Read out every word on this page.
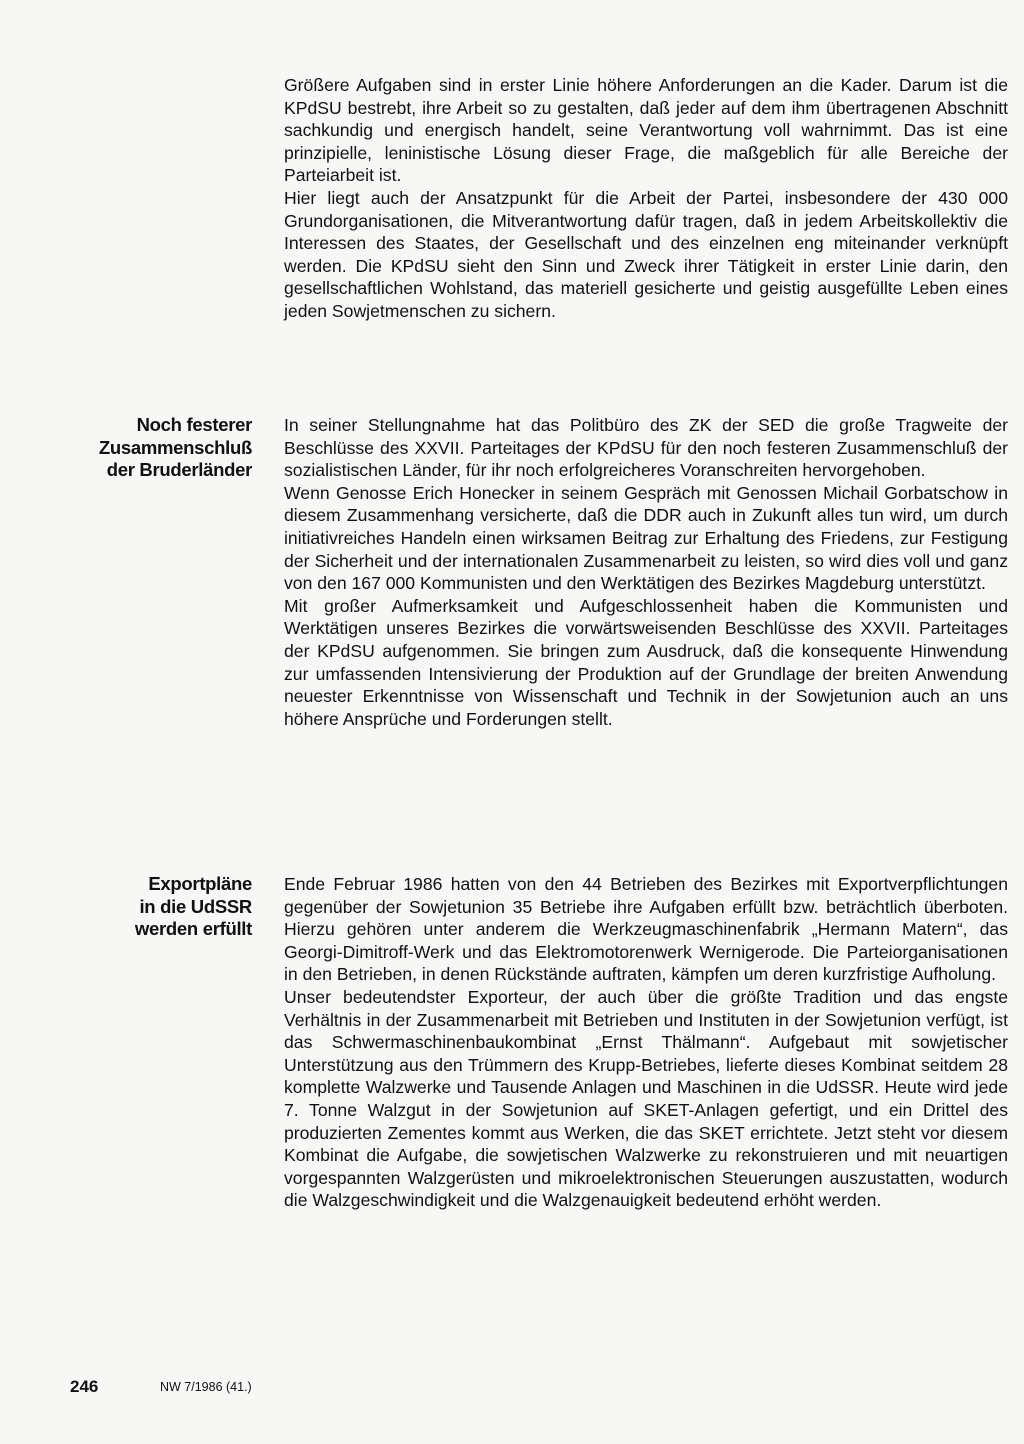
Größere Aufgaben sind in erster Linie höhere Anforderungen an die Kader. Darum ist die KPdSU bestrebt, ihre Arbeit so zu gestalten, daß jeder auf dem ihm übertragenen Abschnitt sachkundig und energisch handelt, seine Verantwortung voll wahrnimmt. Das ist eine prinzipielle, leninistische Lösung dieser Frage, die maßgeblich für alle Bereiche der Parteiarbeit ist.

Hier liegt auch der Ansatzpunkt für die Arbeit der Partei, insbesondere der 430 000 Grundorganisationen, die Mitverantwortung dafür tragen, daß in jedem Arbeitskollektiv die Interessen des Staates, der Gesellschaft und des einzelnen eng miteinander verknüpft werden. Die KPdSU sieht den Sinn und Zweck ihrer Tätigkeit in erster Linie darin, den gesellschaftlichen Wohlstand, das materiell gesicherte und geistig ausgefüllte Leben eines jeden Sowjetmenschen zu sichern.

Noch festerer
Zusammenschluß
der Bruderländer

In seiner Stellungnahme hat das Politbüro des ZK der SED die große Tragweite der Beschlüsse des XXVII. Parteitages der KPdSU für den noch festeren Zusammenschluß der sozialistischen Länder, für ihr noch erfolgreicheres Voranschreiten hervorgehoben.

Wenn Genosse Erich Honecker in seinem Gespräch mit Genossen Michail Gorbatschow in diesem Zusammenhang versicherte, daß die DDR auch in Zukunft alles tun wird, um durch initiativreiches Handeln einen wirksamen Beitrag zur Erhaltung des Friedens, zur Festigung der Sicherheit und der internationalen Zusammenarbeit zu leisten, so wird dies voll und ganz von den 167 000 Kommunisten und den Werktätigen des Bezirkes Magdeburg unterstützt.

Mit großer Aufmerksamkeit und Aufgeschlossenheit haben die Kommunisten und Werktätigen unseres Bezirkes die vorwärtsweisenden Beschlüsse des XXVII. Parteitages der KPdSU aufgenommen. Sie bringen zum Ausdruck, daß die konsequente Hinwendung zur umfassenden Intensivierung der Produktion auf der Grundlage der breiten Anwendung neuester Erkenntnisse von Wissenschaft und Technik in der Sowjetunion auch an uns höhere Ansprüche und Forderungen stellt.

Exportpläne
in die UdSSR
werden erfüllt

Ende Februar 1986 hatten von den 44 Betrieben des Bezirkes mit Exportverpflichtungen gegenüber der Sowjetunion 35 Betriebe ihre Aufgaben erfüllt bzw. beträchtlich überboten. Hierzu gehören unter anderem die Werkzeugmaschinenfabrik „Hermann Matern“, das Georgi-Dimitroff-Werk und das Elektromotorenwerk Wernigerode. Die Parteiorganisationen in den Betrieben, in denen Rückstände auftraten, kämpfen um deren kurzfristige Aufholung.

Unser bedeutendster Exporteur, der auch über die größte Tradition und das engste Verhältnis in der Zusammenarbeit mit Betrieben und Instituten in der Sowjetunion verfügt, ist das Schwermaschinenbaukombinat „Ernst Thälmann“. Aufgebaut mit sowjetischer Unterstützung aus den Trümmern des Krupp-Betriebes, lieferte dieses Kombinat seitdem 28 komplette Walzwerke und Tausende Anlagen und Maschinen in die UdSSR. Heute wird jede 7. Tonne Walzgut in der Sowjetunion auf SKET-Anlagen gefertigt, und ein Drittel des produzierten Zementes kommt aus Werken, die das SKET errichtete. Jetzt steht vor diesem Kombinat die Aufgabe, die sowjetischen Walzwerke zu rekonstruieren und mit neuartigen vorgespannten Walzgerüsten und mikroelektronischen Steuerungen auszustatten, wodurch die Walzgeschwindigkeit und die Walzgenauigkeit bedeutend erhöht werden.

246	NW 7/1986 (41.)
